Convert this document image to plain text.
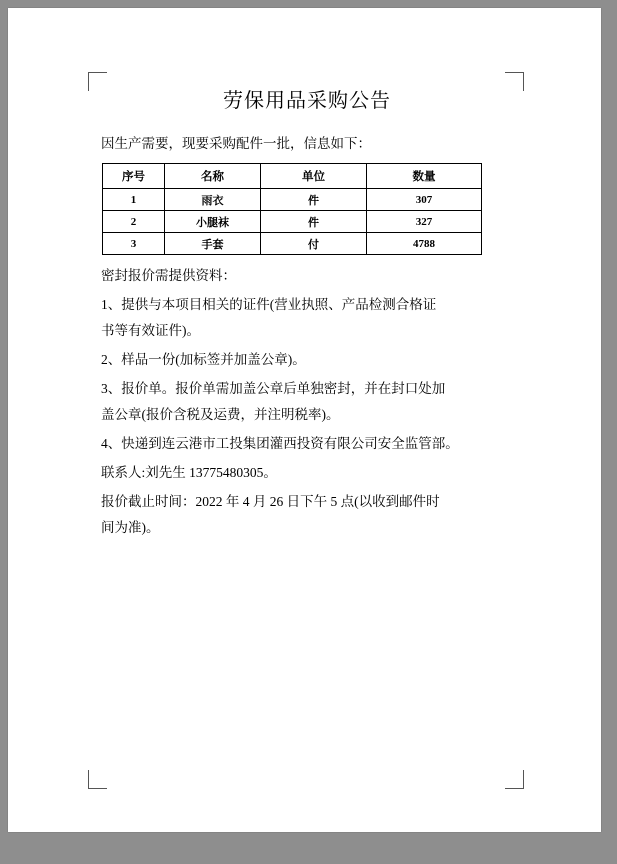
劳保用品采购公告

因生产需要，现要采购配件一批，信息如下：

序号	名称	单位	数量
1	雨衣	件	307
2	小腿袜	件	327
3	手套	付	4788

密封报价需提供资料：

1、提供与本项目相关的证件(营业执照、产品检测合格证

书等有效证件)。

2、样品一份(加标签并加盖公章)。

3、报价单。报价单需加盖公章后单独密封，并在封口处加

盖公章(报价含税及运费，并注明税率)。

4、快递到连云港市工投集团灌西投资有限公司安全监管部。

联系人:刘先生 13775480305。

报价截止时间：2022 年 4 月 26 日下午 5 点(以收到邮件时

间为准)。
